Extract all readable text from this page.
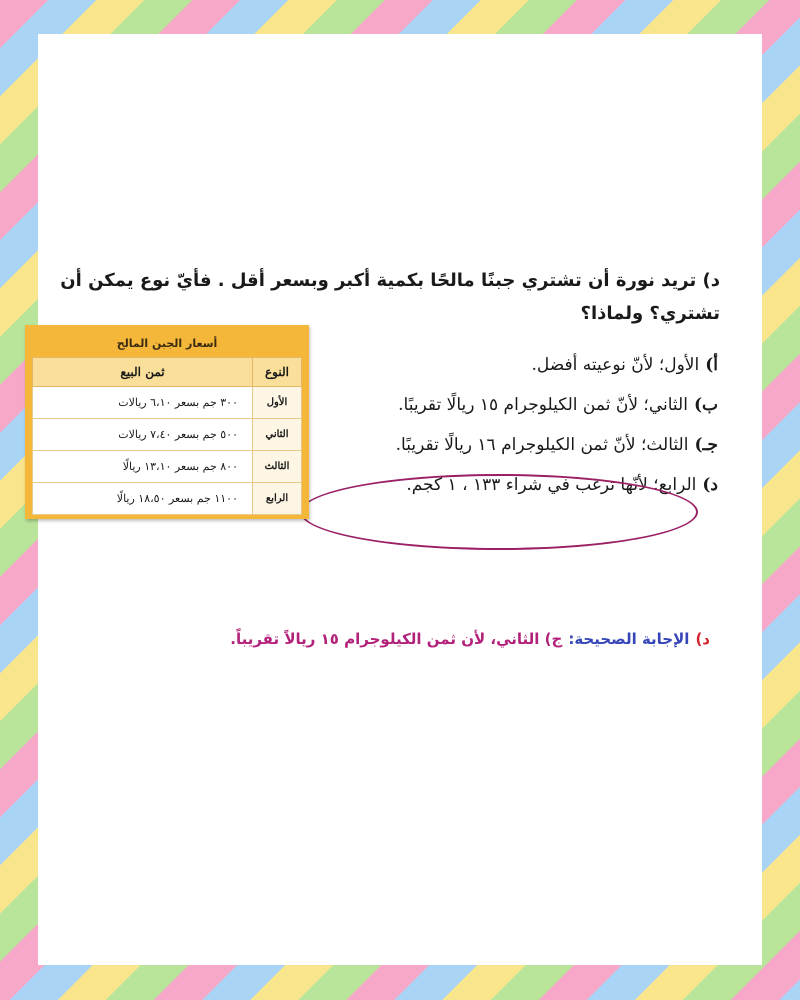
د) تريد نورة أن تشتري جبنًا مالحًا بكمية أكبر وبسعر أقل . فأيّ نوع يمكن أن تشتري؟ ولماذا؟
أ)الأول؛ لأنّ نوعيته أفضل.
ب)الثاني؛ لأنّ ثمن الكيلوجرام ١٥ ريالًا تقريبًا.
جـ)الثالث؛ لأنّ ثمن الكيلوجرام ١٦ ريالًا تقريبًا.
د)الرابع؛ لأنّها ترغب في شراء ١٣٣ ، ١ كجم.
أسعار الجبن المالح
النوع	ثمن البيع
الأول	٣٠٠ جم بسعر ٦،١٠ ريالات
الثاني	٥٠٠ جم بسعر ٧،٤٠ ريالات
الثالث	٨٠٠ جم بسعر ١٣،١٠ ريالًا
الرابع	١١٠٠ جم بسعر ١٨،٥٠ ريالًا
د)الإجابة الصحيحة:ج) الثاني، لأن ثمن الكيلوجرام ١٥ ريالاً تقريباً.
